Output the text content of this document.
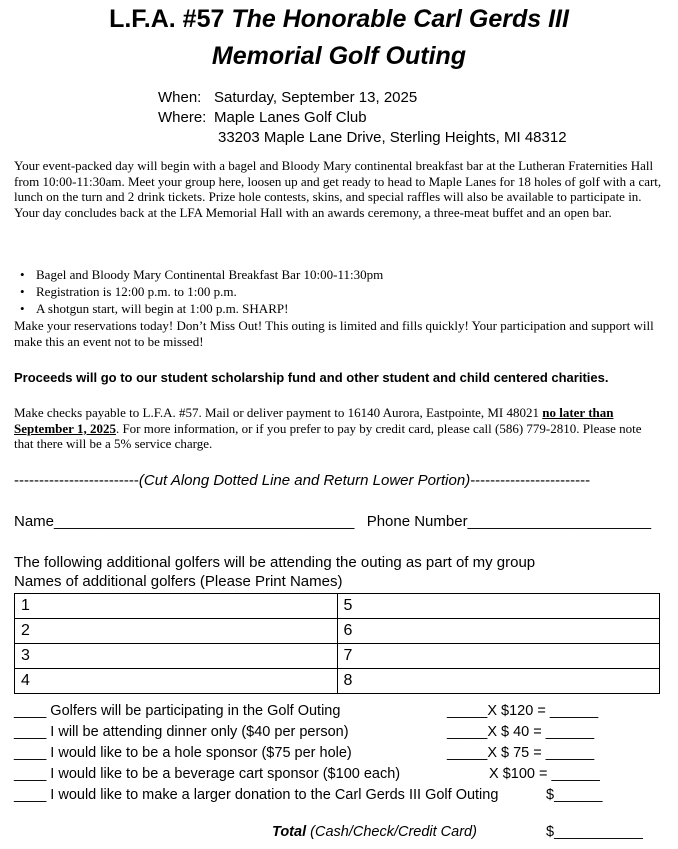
L.F.A. #57 The Honorable Carl Gerds III
Memorial Golf Outing
When: Saturday, September 13, 2025
Where: Maple Lanes Golf Club
33203 Maple Lane Drive, Sterling Heights, MI 48312
Your event-packed day will begin with a bagel and Bloody Mary continental breakfast bar at the Lutheran Fraternities Hall from 10:00-11:30am. Meet your group here, loosen up and get ready to head to Maple Lanes for 18 holes of golf with a cart, lunch on the turn and 2 drink tickets. Prize hole contests, skins, and special raffles will also be available to participate in. Your day concludes back at the LFA Memorial Hall with an awards ceremony, a three-meat buffet and an open bar.
• Bagel and Bloody Mary Continental Breakfast Bar 10:00-11:30pm
• Registration is 12:00 p.m. to 1:00 p.m.
• A shotgun start, will begin at 1:00 p.m. SHARP!
Make your reservations today! Don’t Miss Out! This outing is limited and fills quickly! Your participation and support will make this an event not to be missed!
Proceeds will go to our student scholarship fund and other student and child centered charities.
Make checks payable to L.F.A. #57. Mail or deliver payment to 16140 Aurora, Eastpointe, MI 48021 no later than September 1, 2025. For more information, or if you prefer to pay by credit card, please call (586) 779-2810. Please note that there will be a 5% service charge.
-------------------------(Cut Along Dotted Line and Return Lower Portion)------------------------
Name____________________________________ Phone Number______________________
The following additional golfers will be attending the outing as part of my group
Names of additional golfers (Please Print Names)
1	5
2	6
3	7
4	8
____ Golfers will be participating in the Golf Outing	_____X $120 = ______
____ I will be attending dinner only ($40 per person)	_____X $ 40 = ______
____ I would like to be a hole sponsor ($75 per hole)	_____X $ 75 = ______
____ I would like to be a beverage cart sponsor ($100 each)	X $100 = ______
____ I would like to make a larger donation to the Carl Gerds III Golf Outing	$______
Total (Cash/Check/Credit Card)	$___________
